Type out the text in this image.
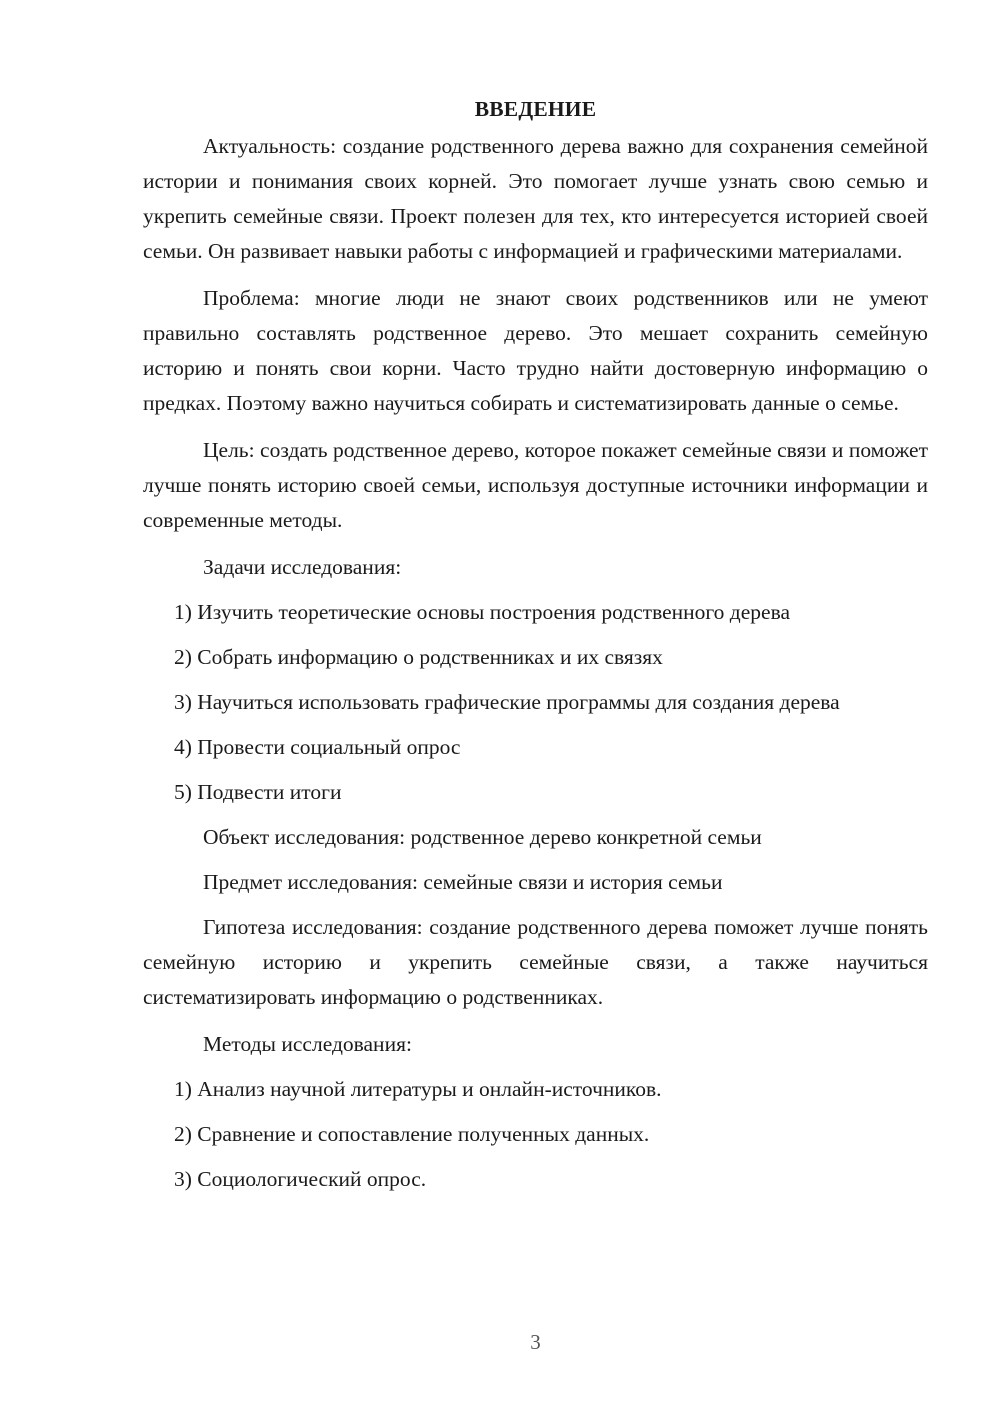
ВВЕДЕНИЕ

Актуальность: создание родственного дерева важно для сохранения семейной истории и понимания своих корней. Это помогает лучше узнать свою семью и укрепить семейные связи. Проект полезен для тех, кто интересуется историей своей семьи. Он развивает навыки работы с информацией и графическими материалами.

Проблема: многие люди не знают своих родственников или не умеют правильно составлять родственное дерево. Это мешает сохранить семейную историю и понять свои корни. Часто трудно найти достоверную информацию о предках. Поэтому важно научиться собирать и систематизировать данные о семье.

Цель: создать родственное дерево, которое покажет семейные связи и поможет лучше понять историю своей семьи, используя доступные источники информации и современные методы.

Задачи исследования:

1) Изучить теоретические основы построения родственного дерева

2) Собрать информацию о родственниках и их связях

3) Научиться использовать графические программы для создания дерева

4) Провести социальный опрос

5) Подвести итоги

Объект исследования: родственное дерево конкретной семьи

Предмет исследования: семейные связи и история семьи

Гипотеза исследования: создание родственного дерева поможет лучше понять семейную историю и укрепить семейные связи, а также научиться систематизировать информацию о родственниках.

Методы исследования:

1) Анализ научной литературы и онлайн-источников.

2) Сравнение и сопоставление полученных данных.

3) Социологический опрос.

3
